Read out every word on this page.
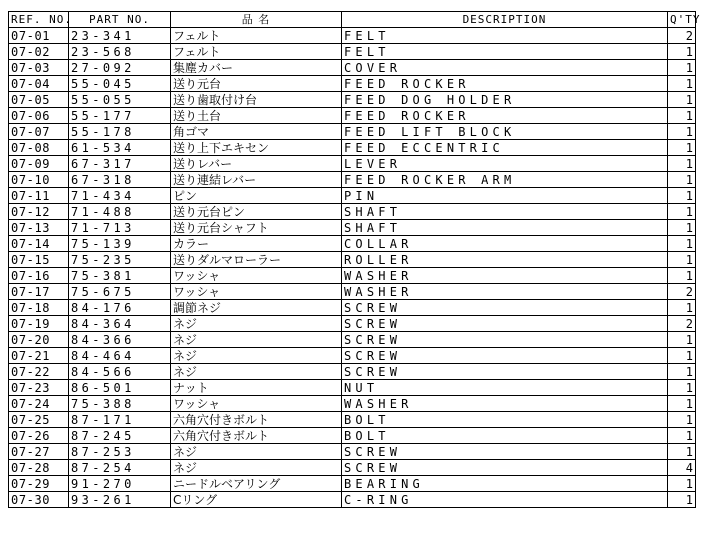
REF. NO.	PART NO.	品 名	DESCRIPTION	Q'TY
07-01	23-341	フェルト	FELT	2
07-02	23-568	フェルト	FELT	1
07-03	27-092	集塵カバー	COVER	1
07-04	55-045	送り元台	FEED ROCKER	1
07-05	55-055	送り歯取付け台	FEED DOG HOLDER	1
07-06	55-177	送り土台	FEED ROCKER	1
07-07	55-178	角ゴマ	FEED LIFT BLOCK	1
07-08	61-534	送り上下エキセン	FEED ECCENTRIC	1
07-09	67-317	送りレバー	LEVER	1
07-10	67-318	送り連結レバー	FEED ROCKER ARM	1
07-11	71-434	ピン	PIN	1
07-12	71-488	送り元台ピン	SHAFT	1
07-13	71-713	送り元台シャフト	SHAFT	1
07-14	75-139	カラー	COLLAR	1
07-15	75-235	送りダルマローラー	ROLLER	1
07-16	75-381	ワッシャ	WASHER	1
07-17	75-675	ワッシャ	WASHER	2
07-18	84-176	調節ネジ	SCREW	1
07-19	84-364	ネジ	SCREW	2
07-20	84-366	ネジ	SCREW	1
07-21	84-464	ネジ	SCREW	1
07-22	84-566	ネジ	SCREW	1
07-23	86-501	ナット	NUT	1
07-24	75-388	ワッシャ	WASHER	1
07-25	87-171	六角穴付きボルト	BOLT	1
07-26	87-245	六角穴付きボルト	BOLT	1
07-27	87-253	ネジ	SCREW	1
07-28	87-254	ネジ	SCREW	4
07-29	91-270	ニードルベアリング	BEARING	1
07-30	93-261	Cリング	C-RING	1
